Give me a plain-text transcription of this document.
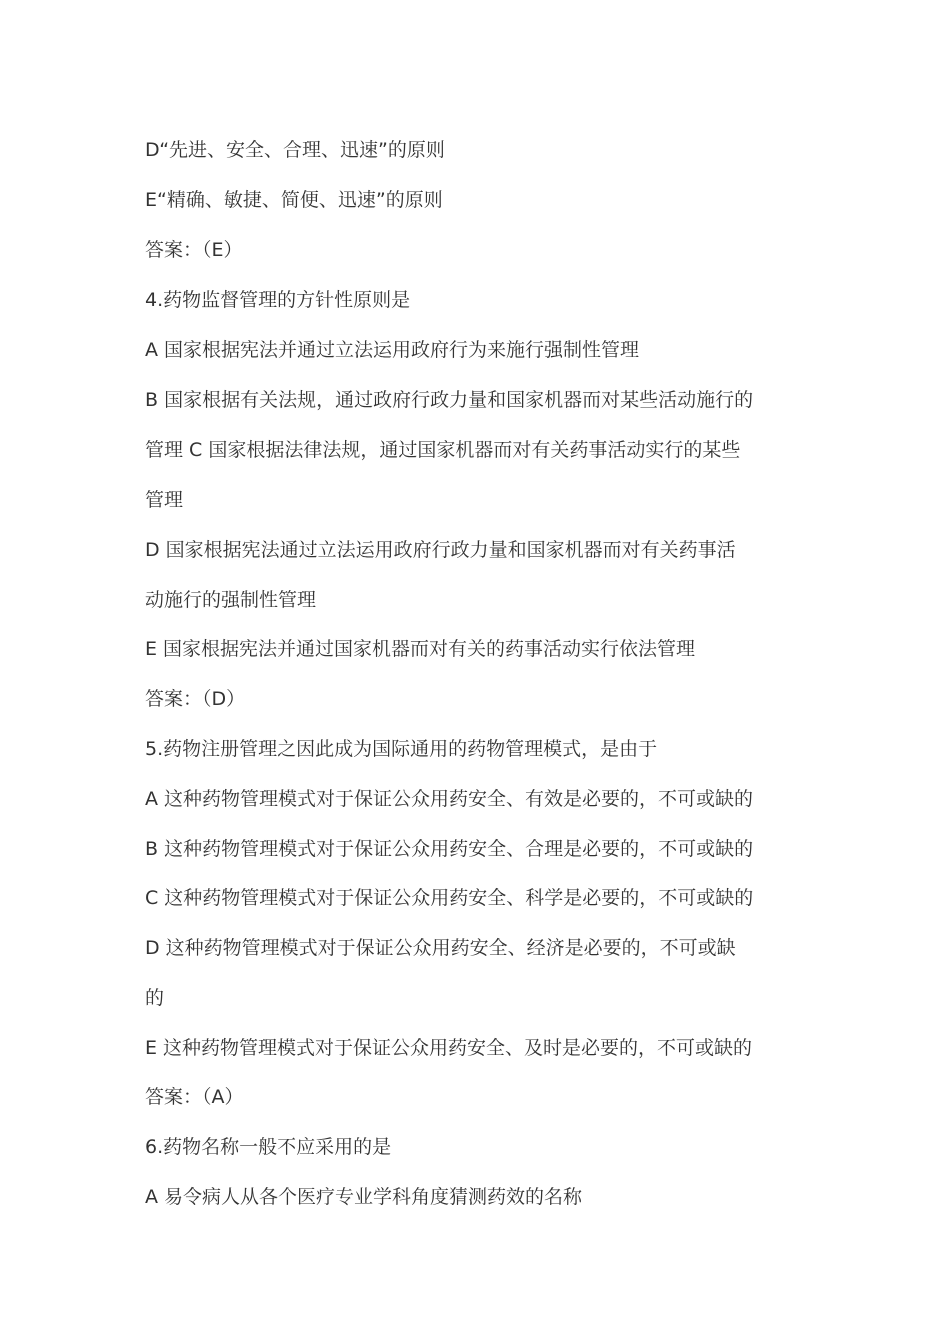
D“先进、安全、合理、迅速”的原则
E“精确、敏捷、简便、迅速”的原则
答案：（E）
4.药物监督管理的方针性原则是
A 国家根据宪法并通过立法运用政府行为来施行强制性管理
B 国家根据有关法规，通过政府行政力量和国家机器而对某些活动施行的
管理 C 国家根据法律法规，通过国家机器而对有关药事活动实行的某些
管理
D 国家根据宪法通过立法运用政府行政力量和国家机器而对有关药事活
动施行的强制性管理
E 国家根据宪法并通过国家机器而对有关的药事活动实行依法管理
答案：（D）
5.药物注册管理之因此成为国际通用的药物管理模式，是由于
A 这种药物管理模式对于保证公众用药安全、有效是必要的，不可或缺的
B 这种药物管理模式对于保证公众用药安全、合理是必要的，不可或缺的
C 这种药物管理模式对于保证公众用药安全、科学是必要的，不可或缺的
D 这种药物管理模式对于保证公众用药安全、经济是必要的，不可或缺
的
E 这种药物管理模式对于保证公众用药安全、及时是必要的，不可或缺的
答案：（A）
6.药物名称一般不应采用的是
A 易令病人从各个医疗专业学科角度猜测药效的名称
